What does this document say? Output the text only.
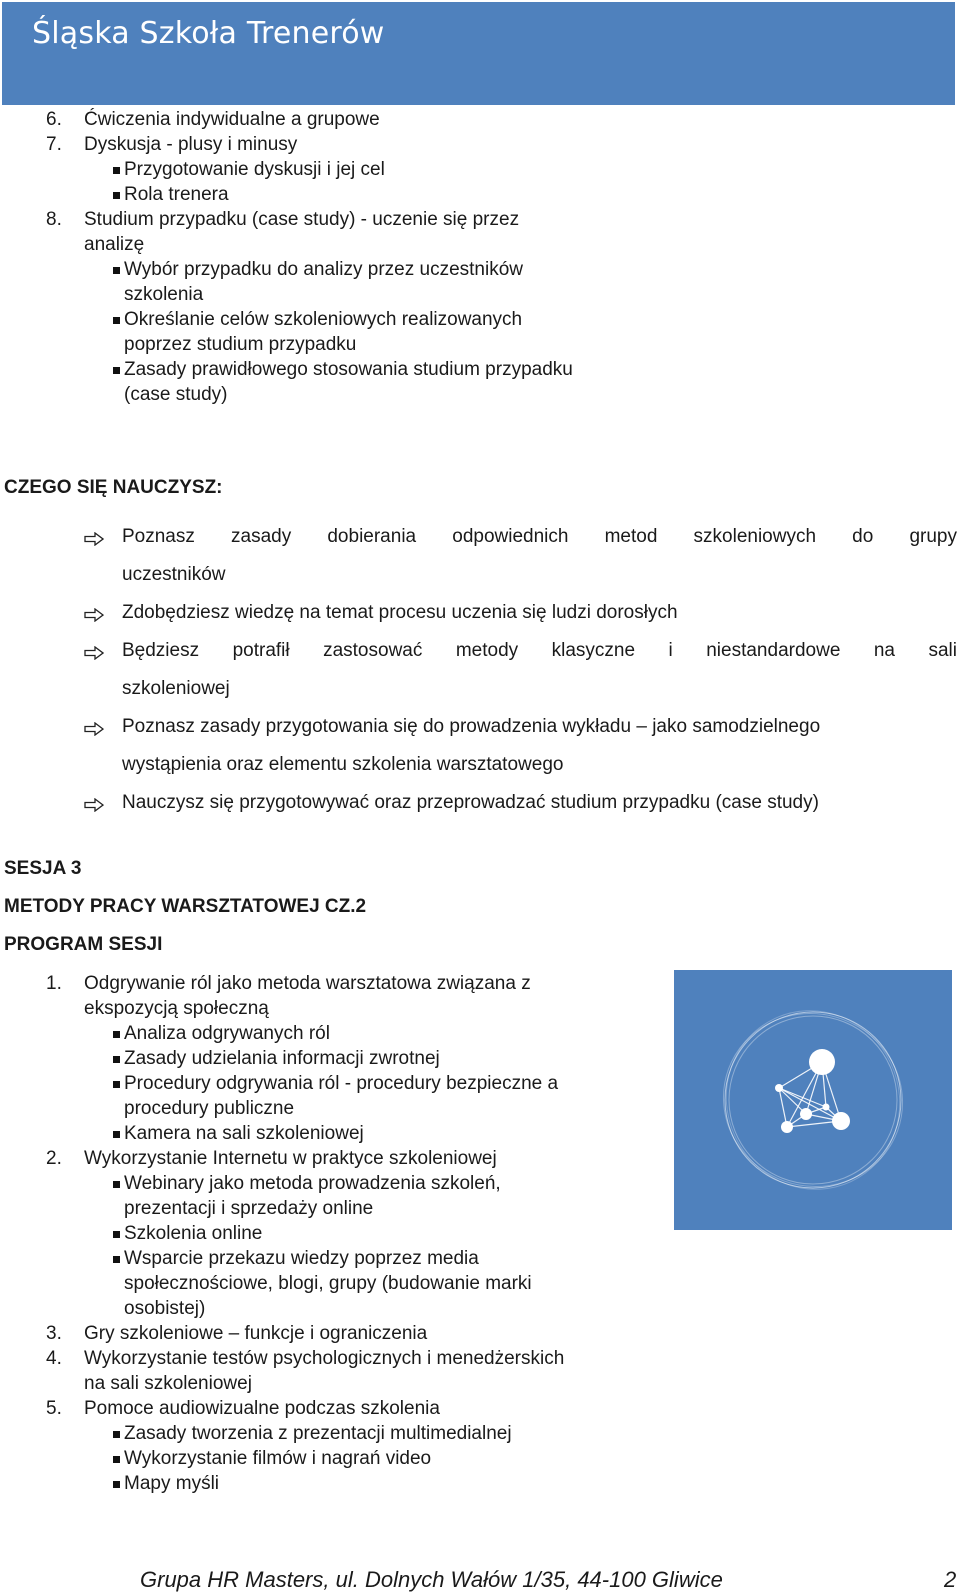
Śląska Szkoła Trenerów
6. Ćwiczenia indywidualne a grupowe
7. Dyskusja - plusy i minusy
Przygotowanie dyskusji i jej cel
Rola trenera
8. Studium przypadku (case study) - uczenie się przez
analizę
Wybór przypadku do analizy przez uczestników
szkolenia
Określanie celów szkoleniowych realizowanych
poprzez studium przypadku
Zasady prawidłowego stosowania studium przypadku
(case study)
CZEGO SIĘ NAUCZYSZ:
Poznasz zasady dobierania odpowiednich metod szkoleniowych do grupy
uczestników
Zdobędziesz wiedzę na temat procesu uczenia się ludzi dorosłych
Będziesz potrafił zastosować metody klasyczne i niestandardowe na sali
szkoleniowej
Poznasz zasady przygotowania się do prowadzenia wykładu – jako samodzielnego
wystąpienia oraz elementu szkolenia warsztatowego
Nauczysz się przygotowywać oraz przeprowadzać studium przypadku (case study)
SESJA 3
METODY PRACY WARSZTATOWEJ CZ.2
PROGRAM SESJI
1. Odgrywanie ról jako metoda warsztatowa związana z
ekspozycją społeczną
Analiza odgrywanych ról
Zasady udzielania informacji zwrotnej
Procedury odgrywania ról - procedury bezpieczne a
procedury publiczne
Kamera na sali szkoleniowej
2. Wykorzystanie Internetu w praktyce szkoleniowej
Webinary jako metoda prowadzenia szkoleń,
prezentacji i sprzedaży online
Szkolenia online
Wsparcie przekazu wiedzy poprzez media
społecznościowe, blogi, grupy (budowanie marki
osobistej)
3. Gry szkoleniowe – funkcje i ograniczenia
4. Wykorzystanie testów psychologicznych i menedżerskich
na sali szkoleniowej
5. Pomoce audiowizualne podczas szkolenia
Zasady tworzenia z prezentacji multimedialnej
Wykorzystanie filmów i nagrań video
Mapy myśli
Grupa HR Masters, ul. Dolnych Wałów 1/35, 44-100 Gliwice	2
